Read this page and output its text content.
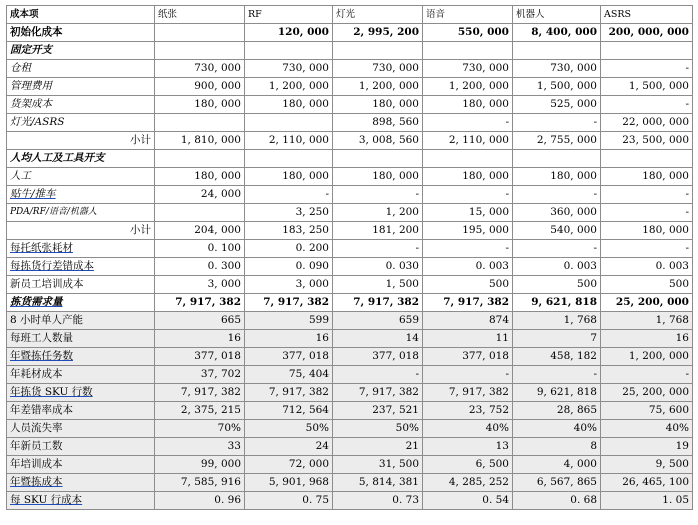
成本项	纸张	RF	灯光	语音	机器人	ASRS
初始化成本		120, 000	2, 995, 200	550, 000	8, 400, 000	200, 000, 000
固定开支						
仓租	730, 000	730, 000	730, 000	730, 000	730, 000	-
管理费用	900, 000	1, 200, 000	1, 200, 000	1, 200, 000	1, 500, 000	1, 500, 000
货架成本	180, 000	180, 000	180, 000	180, 000	525, 000	-
灯光/ASRS			898, 560	-	-	22, 000, 000
小计	1, 810, 000	2, 110, 000	3, 008, 560	2, 110, 000	2, 755, 000	23, 500, 000
人均人工及工具开支						
人工	180, 000	180, 000	180, 000	180, 000	180, 000	180, 000
贴牛/推车	24, 000	-	-	-	-	-
PDA/RF/语音/机器人		3, 250	1, 200	15, 000	360, 000	-
小计	204, 000	183, 250	181, 200	195, 000	540, 000	180, 000
每托纸张耗材	0. 100	0. 200	-	-	-	-
每拣货行差错成本	0. 300	0. 090	0. 030	0. 003	0. 003	0. 003
新员工培训成本	3, 000	3, 000	1, 500	500	500	500
拣货需求量	7, 917, 382	7, 917, 382	7, 917, 382	7, 917, 382	9, 621, 818	25, 200, 000
8 小时单人产能	665	599	659	874	1, 768	1, 768
每班工人数量	16	16	14	11	7	16
年暨拣任务数	377, 018	377, 018	377, 018	377, 018	458, 182	1, 200, 000
年耗材成本	37, 702	75, 404	-	-	-	-
年拣货 SKU 行数	7, 917, 382	7, 917, 382	7, 917, 382	7, 917, 382	9, 621, 818	25, 200, 000
年差错率成本	2, 375, 215	712, 564	237, 521	23, 752	28, 865	75, 600
人员流失率	70%	50%	50%	40%	40%	40%
年新员工数	33	24	21	13	8	19
年培训成本	99, 000	72, 000	31, 500	6, 500	4, 000	9, 500
年暨拣成本	7, 585, 916	5, 901, 968	5, 814, 381	4, 285, 252	6, 567, 865	26, 465, 100
每 SKU 行成本	0. 96	0. 75	0. 73	0. 54	0. 68	1. 05
